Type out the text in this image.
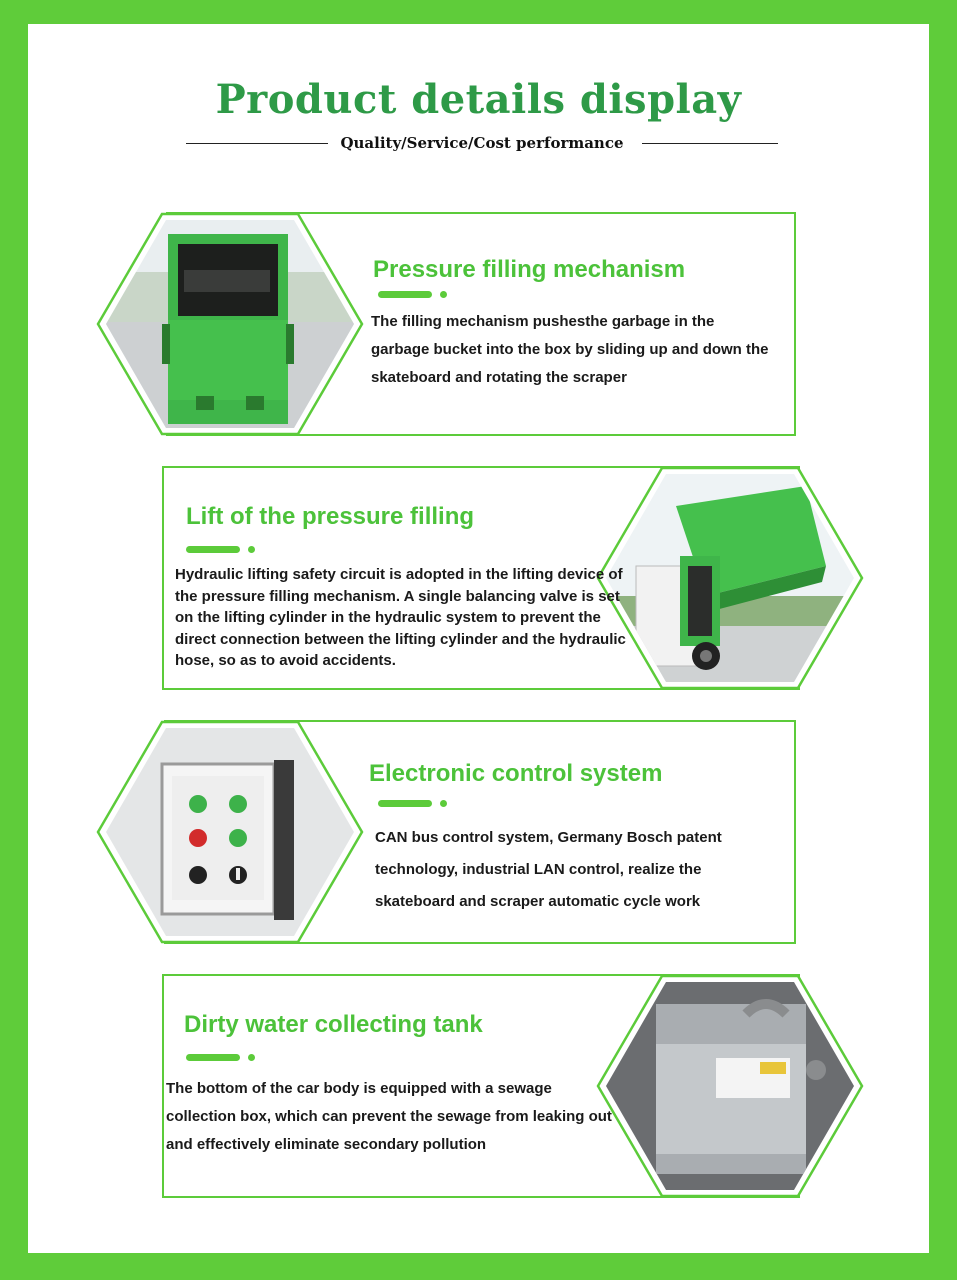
Product details display
Quality/Service/Cost performance
Pressure filling mechanism
The filling mechanism pushesthe garbage in the garbage bucket into the box by sliding up and down the skateboard and rotating the scraper
Lift of the pressure filling
Hydraulic lifting safety circuit is adopted in the lifting device of the pressure filling mechanism. A single balancing valve is set on the lifting cylinder in the hydraulic system to prevent the direct connection between the lifting cylinder and the hydraulic hose, so as to avoid accidents.
Electronic control system
CAN bus control system, Germany Bosch patent technology, industrial LAN control, realize the skateboard and scraper automatic cycle work
Dirty water collecting tank
The bottom of the car body is equipped with a sewage collection box, which can prevent the sewage from leaking out and effectively eliminate secondary pollution
